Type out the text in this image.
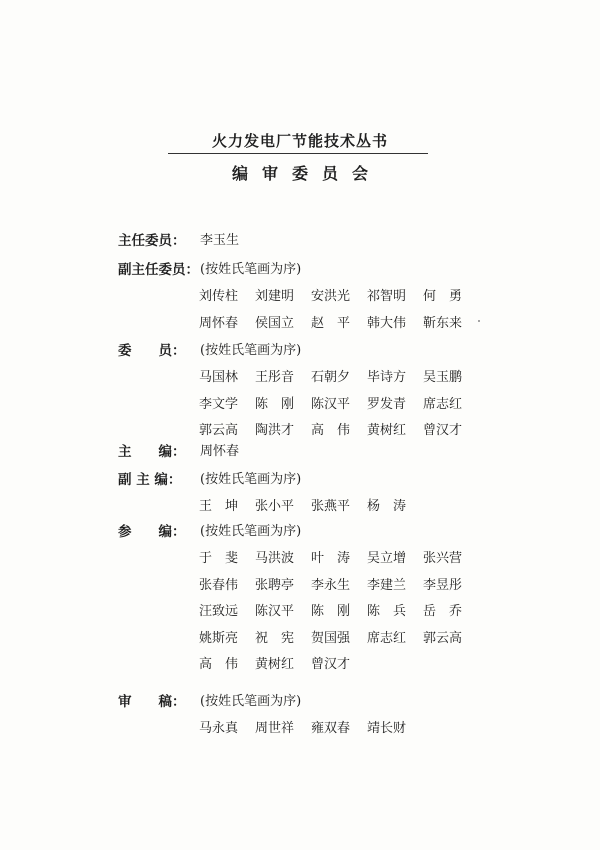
火力发电厂节能技术丛书
编审委员会
主任委员： 李玉生
副主任委员： (按姓氏笔画为序)
刘传柱 刘建明 安洪光 祁智明 何　勇
周怀春 侯国立 赵　平 韩大伟 靳东来
委　　员： (按姓氏笔画为序)
马国林 王彤音 石朝夕 毕诗方 吴玉鹏
李文学 陈　刚 陈汉平 罗发青 席志红
郭云高 陶洪才 高　伟 黄树红 曾汉才
主　　编： 周怀春
副 主 编： (按姓氏笔画为序)
王　坤 张小平 张燕平 杨　涛
参　　编： (按姓氏笔画为序)
于　斐 马洪波 叶　涛 吴立增 张兴营
张春伟 张聘亭 李永生 李建兰 李昱彤
汪致远 陈汉平 陈　刚 陈　兵 岳　乔
姚斯亮 祝　宪 贺国强 席志红 郭云高
高　伟 黄树红 曾汉才
审　　稿： (按姓氏笔画为序)
马永真 周世祥 雍双春 靖长财
